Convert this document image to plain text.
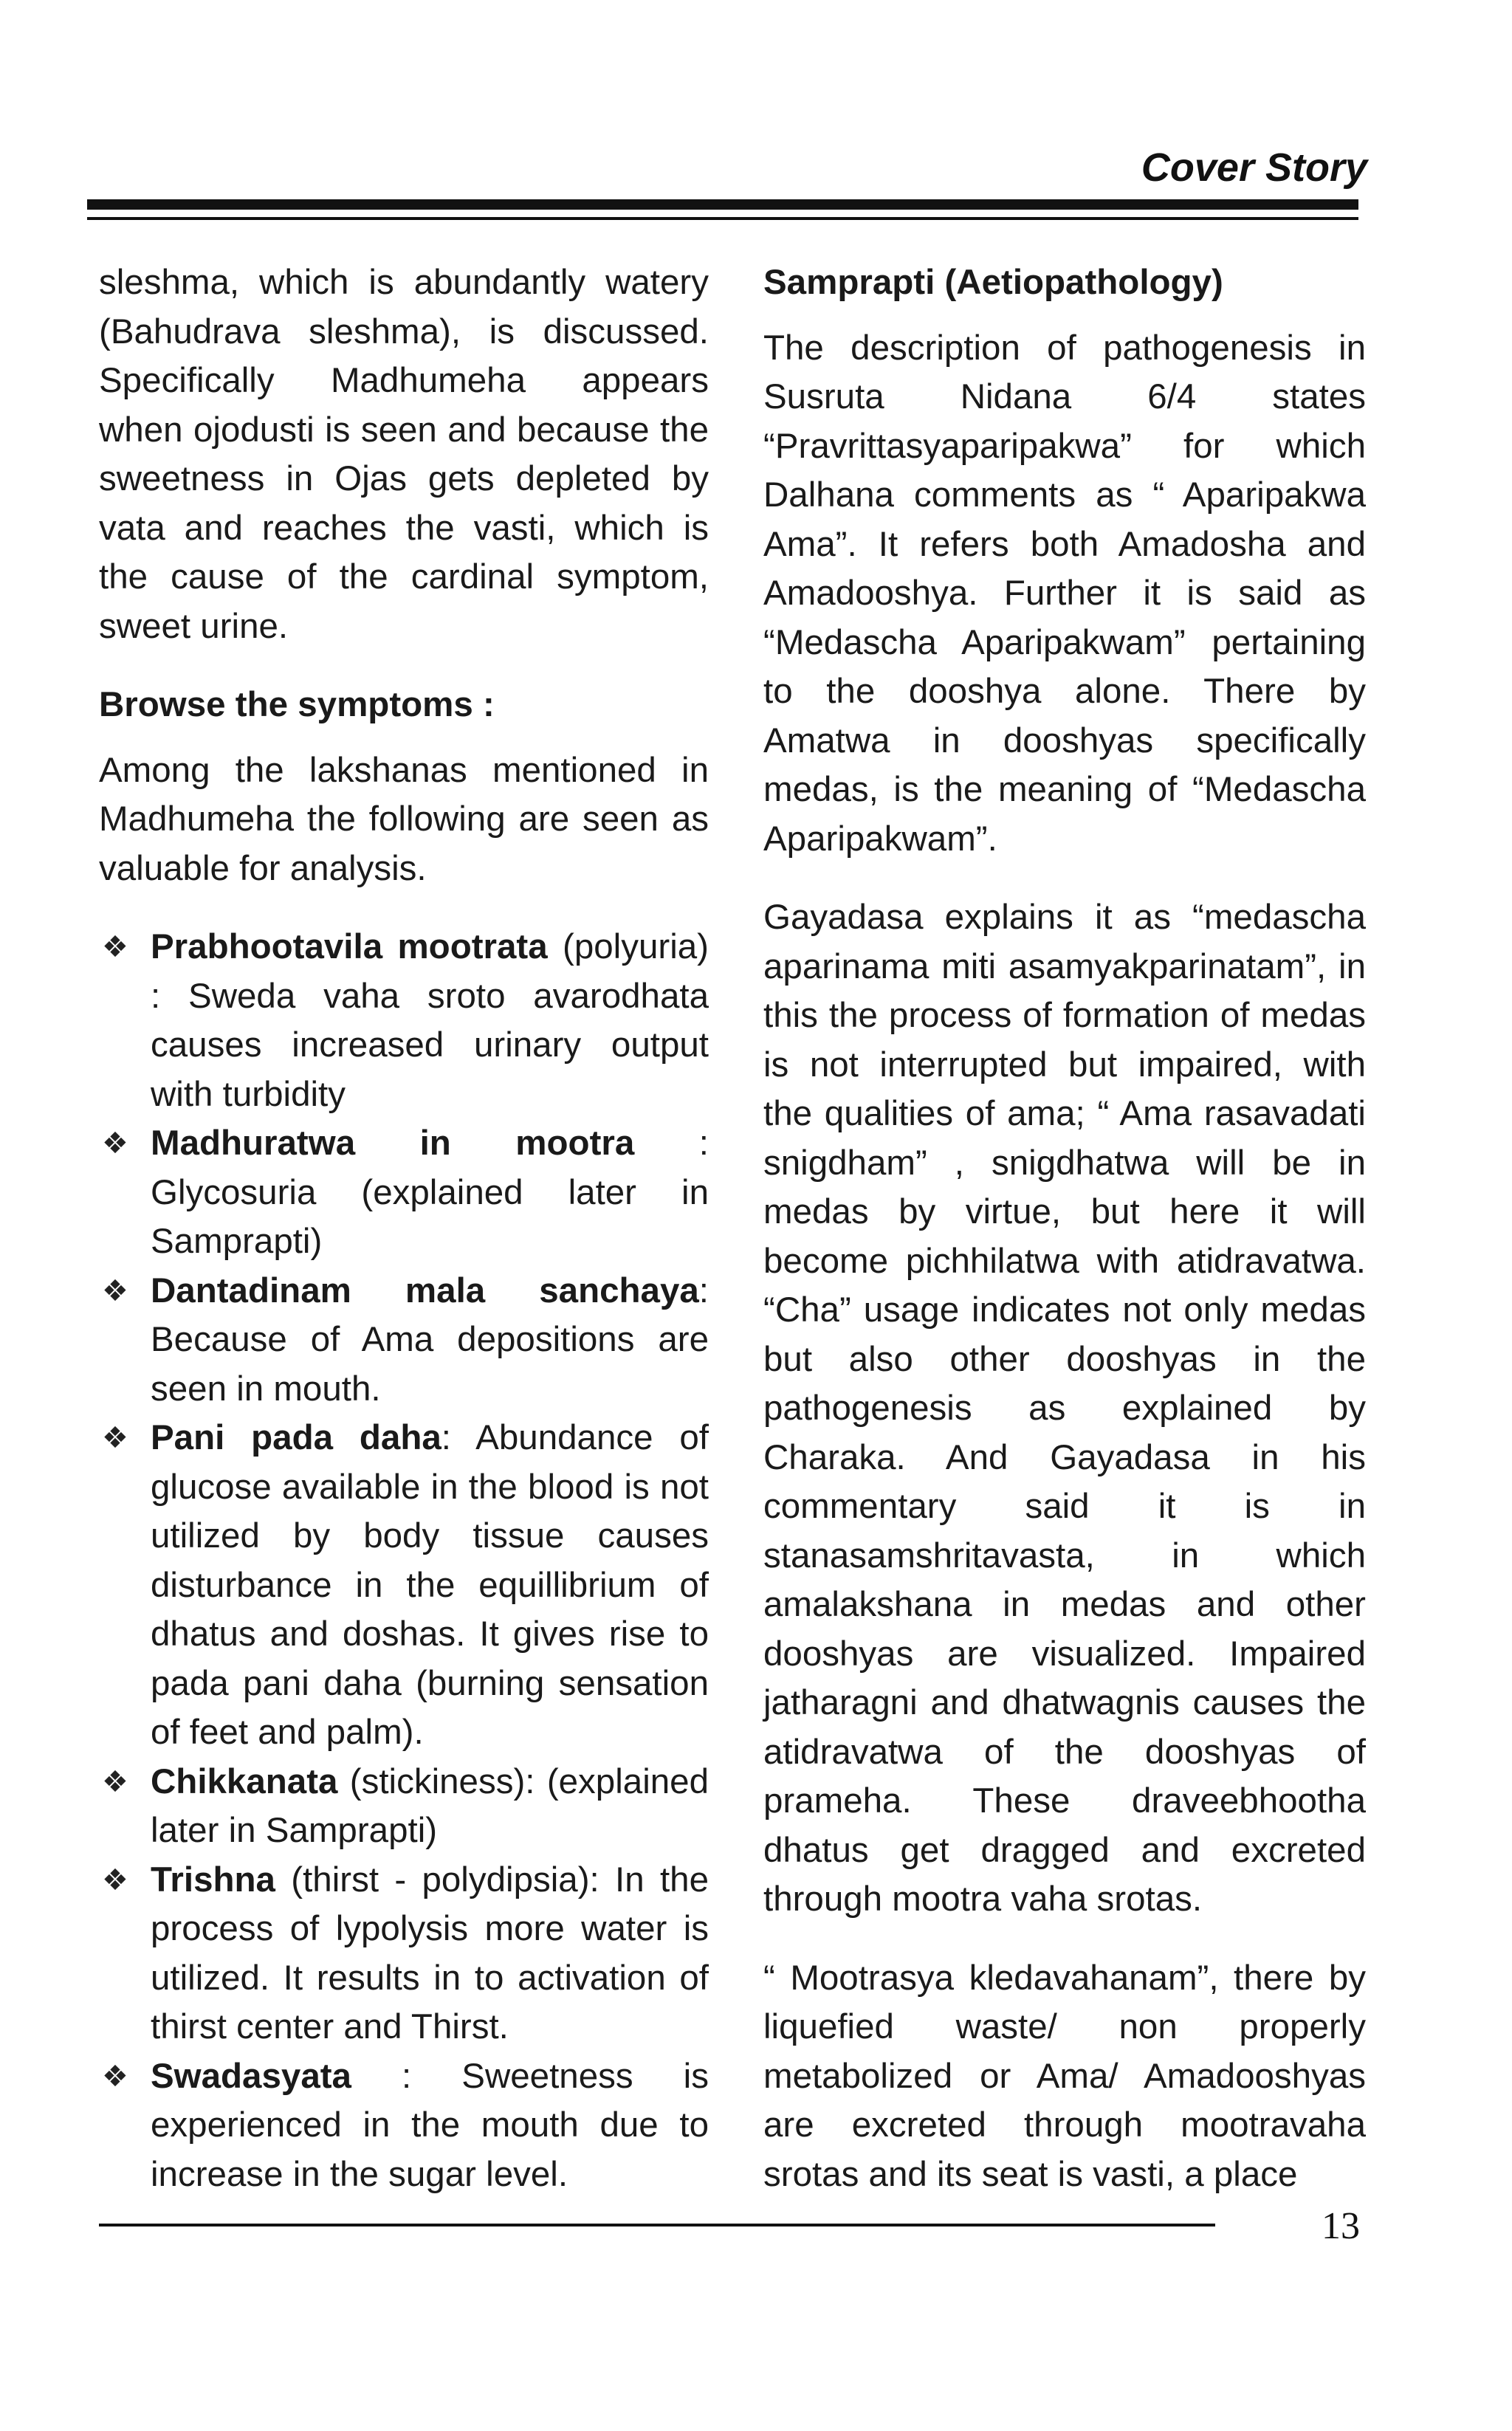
Cover Story

sleshma, which is abundantly watery (Bahudrava sleshma), is discussed. Specifically Madhumeha appears when ojodusti is seen and because the sweetness in Ojas gets depleted by vata and reaches the vasti, which is the cause of the cardinal symptom, sweet urine.

Browse the symptoms :

Among the lakshanas mentioned in Madhumeha the following are seen as valuable for analysis.

❖ Prabhootavila mootrata (polyuria) : Sweda vaha sroto avarodhata causes increased urinary output with turbidity
❖ Madhuratwa in mootra : Glycosuria (explained later in Samprapti)
❖ Dantadinam mala sanchaya: Because of Ama depositions are seen in mouth.
❖ Pani pada daha: Abundance of glucose available in the blood is not utilized by body tissue causes disturbance in the equillibrium of dhatus and doshas. It gives rise to pada pani daha (burning sensation of feet and palm).
❖ Chikkanata (stickiness): (explained later in Samprapti)
❖ Trishna (thirst - polydipsia): In the process of lypolysis more water is utilized. It results in to activation of thirst center and Thirst.
❖ Swadasyata : Sweetness is experienced in the mouth due to increase in the sugar level.

Samprapti (Aetiopathology)

The description of pathogenesis in Susruta Nidana 6/4 states “Pravrittasyaparipakwa” for which Dalhana comments as “ Aparipakwa Ama”. It refers both Amadosha and Amadooshya. Further it is said as “Medascha Aparipakwam” pertaining to the dooshya alone. There by Amatwa in dooshyas specifically medas, is the meaning of “Medascha Aparipakwam”.

Gayadasa explains it as “medascha aparinama miti asamyakparinatam”, in this the process of formation of medas is not interrupted but impaired, with the qualities of ama; “ Ama rasavadati snigdham” , snigdhatwa will be in medas by virtue, but here it will become pichhilatwa with atidravatwa. “Cha” usage indicates not only medas but also other dooshyas in the pathogenesis as explained by Charaka. And Gayadasa in his commentary said it is in stanasamshritavasta, in which amalakshana in medas and other dooshyas are visualized. Impaired jatharagni and dhatwagnis causes the atidravatwa of the dooshyas of prameha. These draveebhootha dhatus get dragged and excreted through mootra vaha srotas.

“ Mootrasya kledavahanam”, there by liquefied waste/ non properly metabolized or Ama/ Amadooshyas are excreted through mootravaha srotas and its seat is vasti, a place

13
